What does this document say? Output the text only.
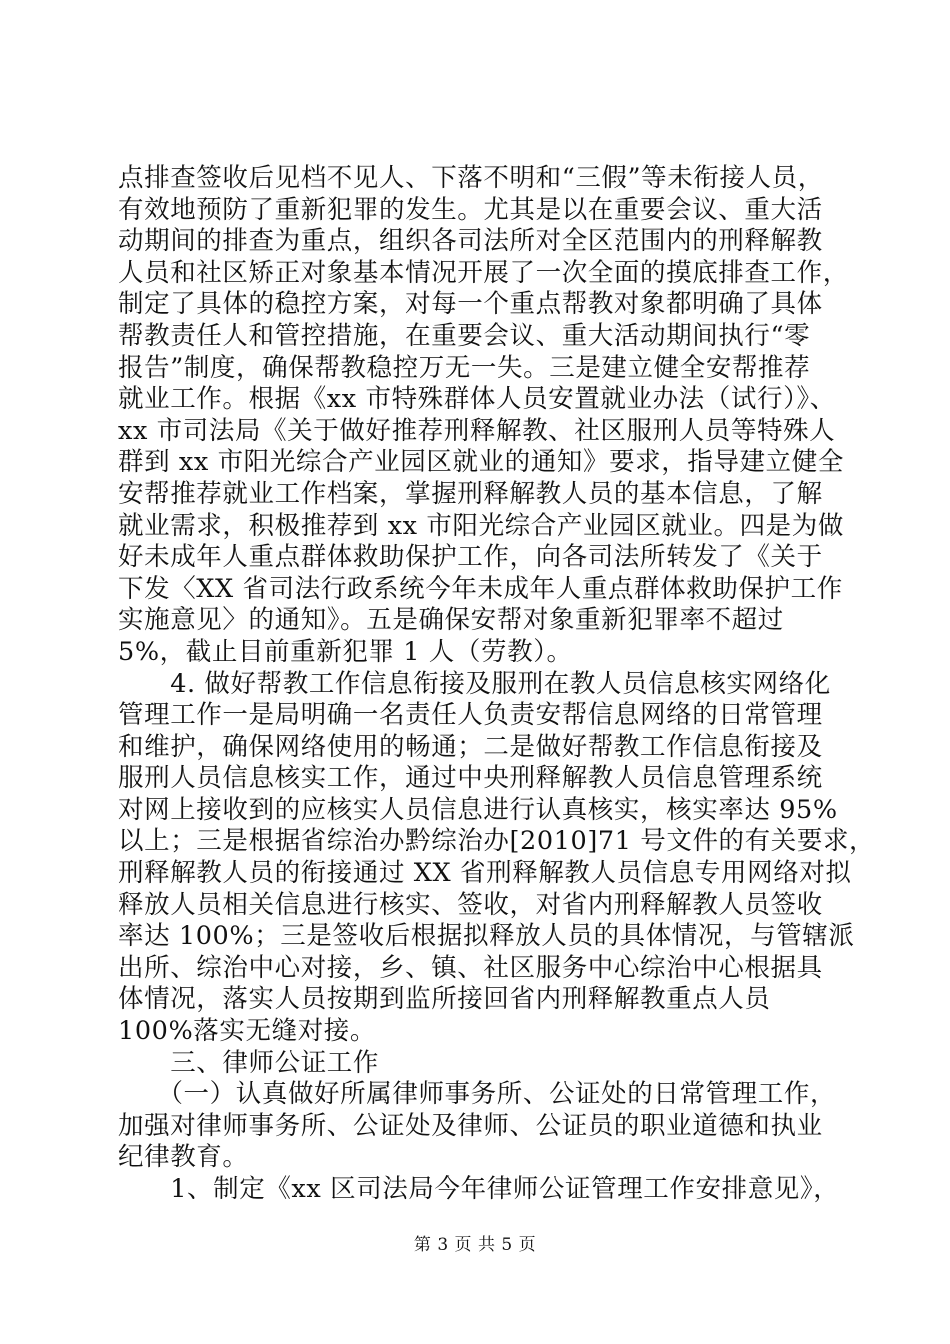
点排查签收后见档不见人、下落不明和“三假”等未衔接人员，
有效地预防了重新犯罪的发生。尤其是以在重要会议、重大活
动期间的排查为重点，组织各司法所对全区范围内的刑释解教
人员和社区矫正对象基本情况开展了一次全面的摸底排查工作，
制定了具体的稳控方案，对每一个重点帮教对象都明确了具体
帮教责任人和管控措施，在重要会议、重大活动期间执行“零
报告”制度，确保帮教稳控万无一失。三是建立健全安帮推荐
就业工作。根据《xx 市特殊群体人员安置就业办法（试行）》、
xx 市司法局《关于做好推荐刑释解教、社区服刑人员等特殊人
群到 xx 市阳光综合产业园区就业的通知》要求，指导建立健全
安帮推荐就业工作档案，掌握刑释解教人员的基本信息，了解
就业需求，积极推荐到 xx 市阳光综合产业园区就业。四是为做
好未成年人重点群体救助保护工作，向各司法所转发了《关于
下发〈XX 省司法行政系统今年未成年人重点群体救助保护工作
实施意见〉的通知》。五是确保安帮对象重新犯罪率不超过
5%，截止目前重新犯罪 1 人（劳教）。
　　4. 做好帮教工作信息衔接及服刑在教人员信息核实网络化
管理工作一是局明确一名责任人负责安帮信息网络的日常管理
和维护，确保网络使用的畅通；二是做好帮教工作信息衔接及
服刑人员信息核实工作，通过中央刑释解教人员信息管理系统
对网上接收到的应核实人员信息进行认真核实，核实率达 95%
以上；三是根据省综治办黔综治办[2010]71 号文件的有关要求，
刑释解教人员的衔接通过 XX 省刑释解教人员信息专用网络对拟
释放人员相关信息进行核实、签收，对省内刑释解教人员签收
率达 100%；三是签收后根据拟释放人员的具体情况，与管辖派
出所、综治中心对接，乡、镇、社区服务中心综治中心根据具
体情况，落实人员按期到监所接回省内刑释解教重点人员
100%落实无缝对接。
　　三、律师公证工作
　　（一）认真做好所属律师事务所、公证处的日常管理工作，
加强对律师事务所、公证处及律师、公证员的职业道德和执业
纪律教育。
　　1、制定《xx 区司法局今年律师公证管理工作安排意见》，
第 3 页 共 5 页
